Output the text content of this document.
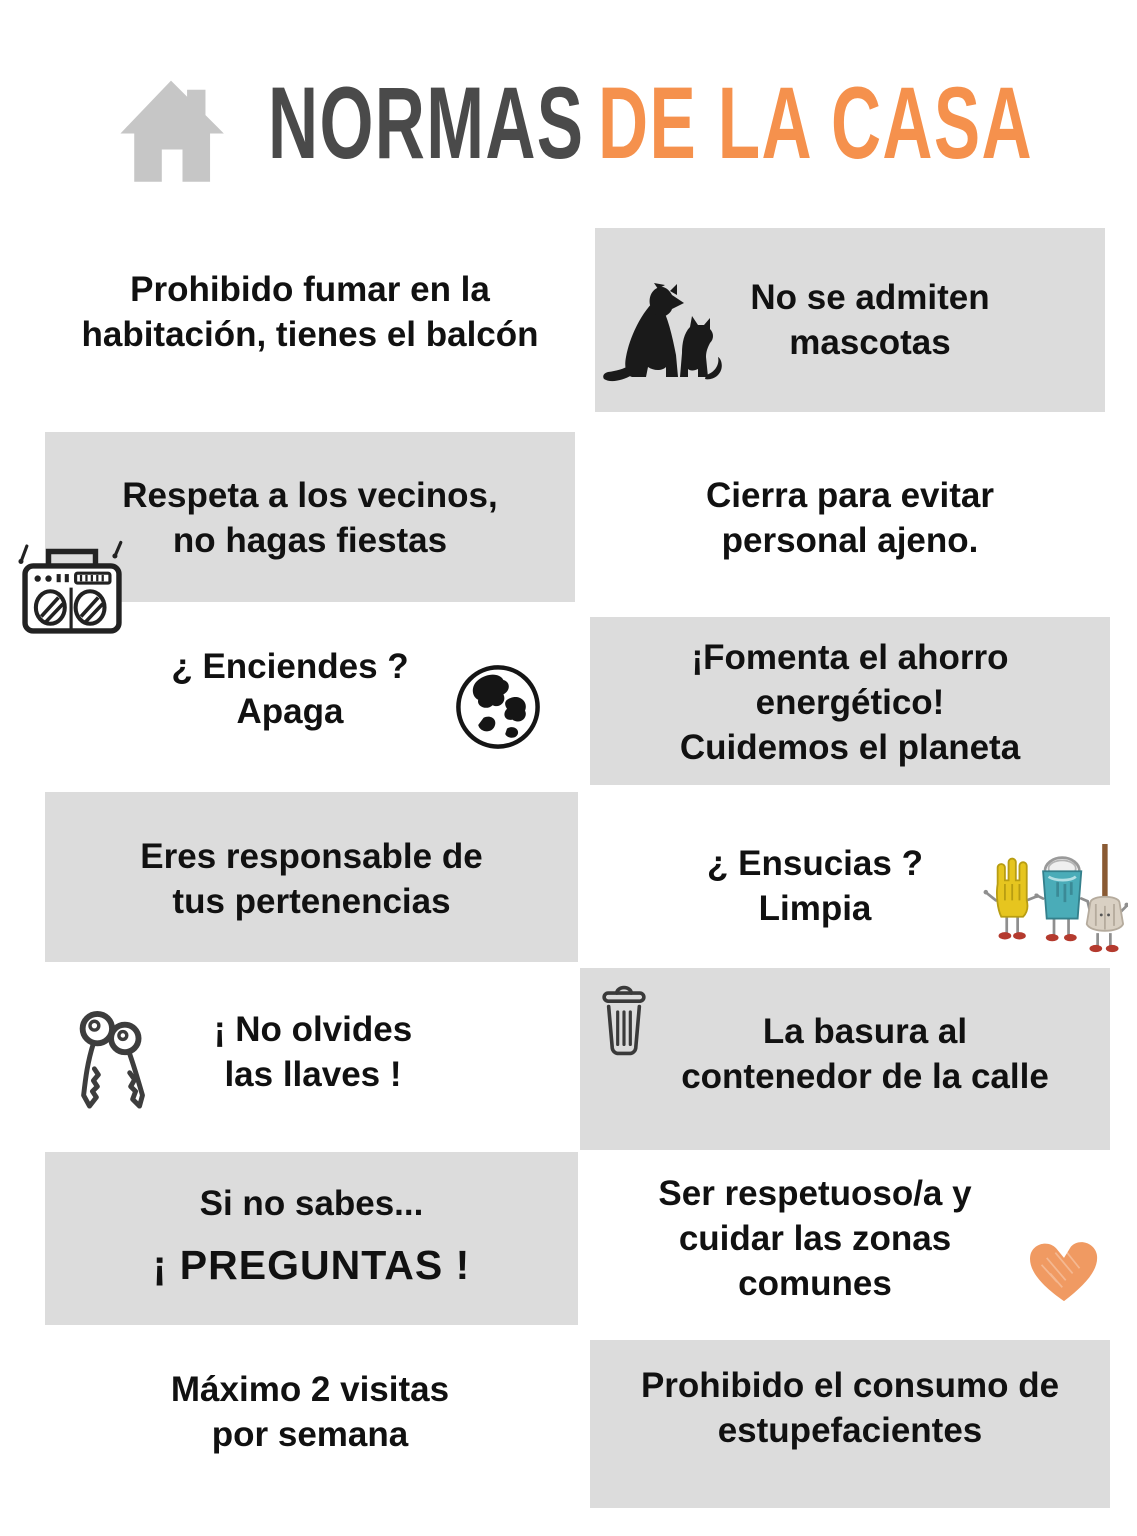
NORMAS DE LA CASA
Prohibido fumar en la
habitación, tienes el balcón
No se admiten
mascotas
Respeta a los vecinos,
no hagas fiestas
Cierra para evitar
personal ajeno.
¿ Enciendes ?
Apaga
¡Fomenta el ahorro
energético!
Cuidemos el planeta
Eres responsable de
tus pertenencias
¿ Ensucias ?
Limpia
¡ No olvides
las llaves !
La basura al
contenedor de la calle
Si no sabes...
¡ PREGUNTAS !
Ser respetuoso/a y
cuidar las zonas
comunes
Máximo 2 visitas
por semana
Prohibido el consumo de
estupefacientes
